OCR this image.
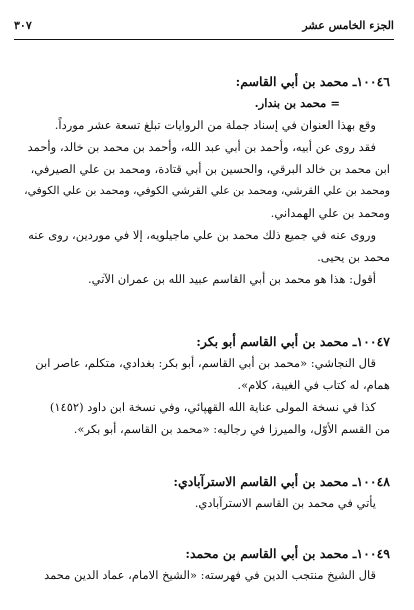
الجزء الخامس عشر
٣٠٧
١٠٠٤٦ـ محمد بن أبي القاسم:
= محمد بن بندار.
وقع بهذا العنوان في إسناد جملة من الروايات تبلغ تسعة عشر مورداً.
فقد روى عن أبيه، وأحمد بن أبي عبد الله، وأحمد بن محمد بن خالد، وأحمد
ابن محمد بن خالد البرقي، والحسين بن أبي قتادة، ومحمد بن علي الصيرفي،
ومحمد بن علي القرشي، ومحمد بن علي القرشي الكوفي، ومحمد بن علي الكوفي،
ومحمد بن علي الهمداني.
وروى عنه في جميع ذلك محمد بن علي ماجيلويه، إلا في موردين، روى عنه
محمد بن يحيى.
أقول: هذا هو محمد بن أبي القاسم عبيد الله بن عمران الآتي.
١٠٠٤٧ـ محمد بن أبي القاسم أبو بكر:
قال النجاشي: «محمد بن أبي القاسم، أبو بكر: بغدادي، متكلم، عاصر ابن
همام، له كتاب في الغيبة، كلام».
كذا في نسخة المولى عناية الله القهپائي، وفي نسخة ابن داود (١٤٥٢)
من القسم الأوّل، والميرزا في رجاليه: «محمد بن القاسم، أبو بكر».
١٠٠٤٨ـ محمد بن أبي القاسم الاسترآبادي:
يأتي في محمد بن القاسم الاسترآبادي.
١٠٠٤٩ـ محمد بن أبي القاسم بن محمد:
قال الشيخ منتجب الدين في فهرسته: «الشيخ الامام، عماد الدين محمد
